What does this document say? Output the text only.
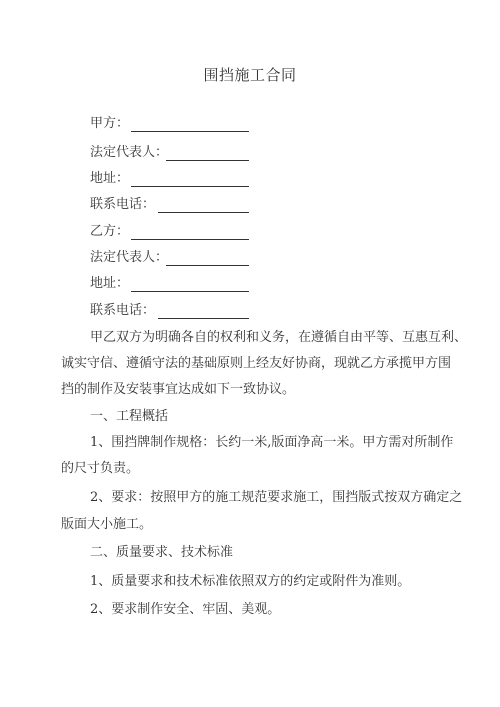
围挡施工合同
甲方：
法定代表人：
地址：
联系电话：
乙方：
法定代表人：
地址：
联系电话：
甲乙双方为明确各自的权利和义务，在遵循自由平等、互惠互利、
诚实守信、遵循守法的基础原则上经友好协商，现就乙方承揽甲方围
挡的制作及安装事宜达成如下一致协议。
一、工程概括
1、围挡牌制作规格：长约一米,版面净高一米。甲方需对所制作
的尺寸负责。
2、要求：按照甲方的施工规范要求施工，围挡版式按双方确定之
版面大小施工。
二、质量要求、技术标准
1、质量要求和技术标准依照双方的约定或附件为准则。
2、要求制作安全、牢固、美观。
